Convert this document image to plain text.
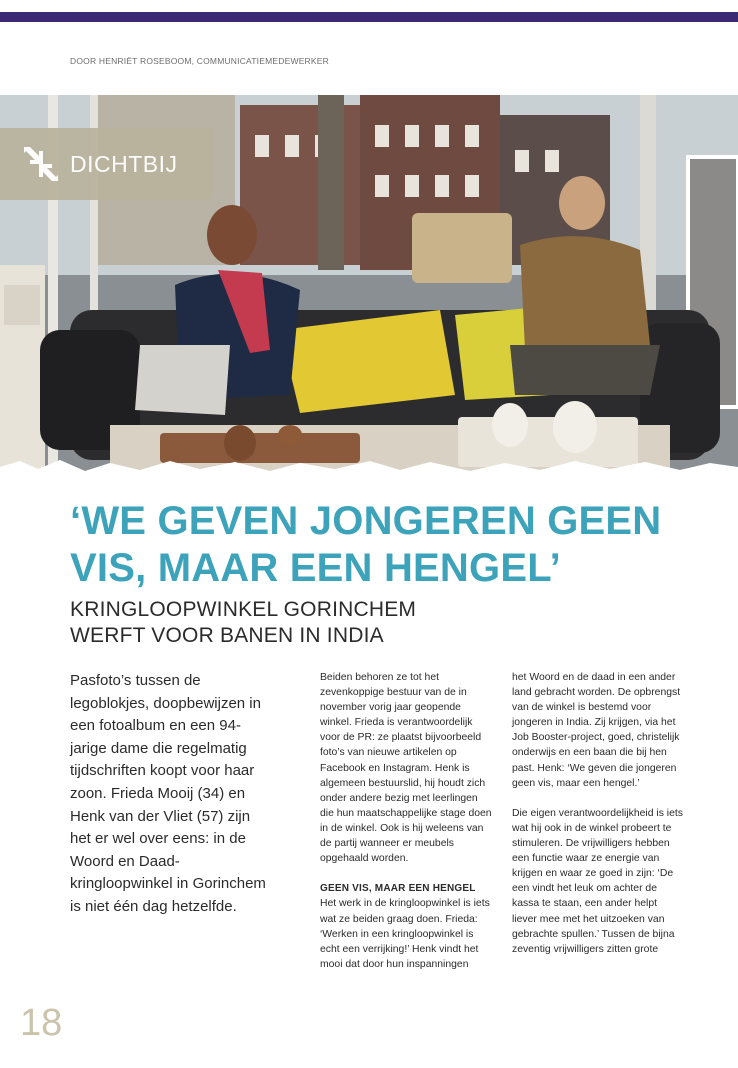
DOOR HENRIËT ROSEBOOM, COMMUNICATIEMEDEWERKER
DICHTBIJ
‘WE GEVEN JONGEREN GEEN VIS, MAAR EEN HENGEL’
KRINGLOOPWINKEL GORINCHEM
WERFT VOOR BANEN IN INDIA
Pasfoto’s tussen de legoblokjes, doopbewijzen in een fotoalbum en een 94-jarige dame die regelmatig tijdschriften koopt voor haar zoon. Frieda Mooij (34) en Henk van der Vliet (57) zijn het er wel over eens: in de Woord en Daad-kringloopwinkel in Gorinchem is niet één dag hetzelfde.

Beiden behoren ze tot het zevenkoppige bestuur van de in november vorig jaar geopende winkel. Frieda is verantwoordelijk voor de PR: ze plaatst bijvoorbeeld foto’s van nieuwe artikelen op Facebook en Instagram. Henk is algemeen bestuurslid, hij houdt zich onder andere bezig met leerlingen die hun maatschappelijke stage doen in de winkel. Ook is hij weleens van de partij wanneer er meubels opgehaald worden.

GEEN VIS, MAAR EEN HENGEL

Het werk in de kringloopwinkel is iets wat ze beiden graag doen. Frieda: ‘Werken in een kringloopwinkel is echt een verrijking!’ Henk vindt het mooi dat door hun inspanningen

het Woord en de daad in een ander land gebracht worden. De opbrengst van de winkel is bestemd voor jongeren in India. Zij krijgen, via het Job Booster-project, goed, christelijk onderwijs en een baan die bij hen past. Henk: ‘We geven die jongeren geen vis, maar een hengel.’

Die eigen verantwoordelijkheid is iets wat hij ook in de winkel probeert te stimuleren. De vrijwilligers hebben een functie waar ze energie van krijgen en waar ze goed in zijn: ‘De een vindt het leuk om achter de kassa te staan, een ander helpt liever mee met het uitzoeken van gebrachte spullen.’ Tussen de bijna zeventig vrijwilligers zitten grote

18
